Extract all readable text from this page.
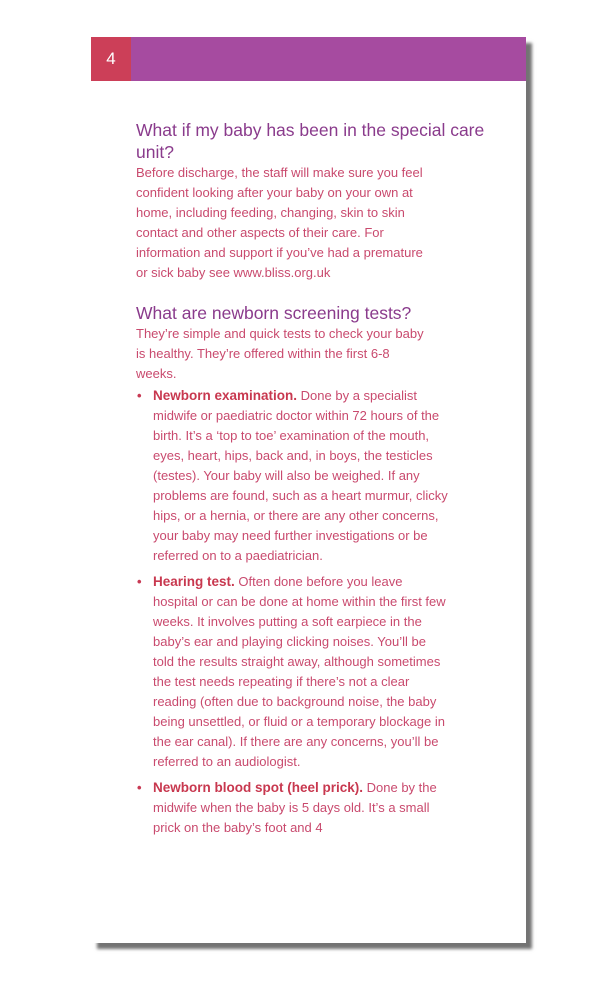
4
What if my baby has been in the special care unit?

Before discharge, the staff will make sure you feel confident looking after your baby on your own at home, including feeding, changing, skin to skin contact and other aspects of their care. For information and support if you’ve had a premature or sick baby see www.bliss.org.uk

What are newborn screening tests?

They’re simple and quick tests to check your baby is healthy. They’re offered within the first 6-8 weeks.

• Newborn examination. Done by a specialist midwife or paediatric doctor within 72 hours of the birth. It’s a ‘top to toe’ examination of the mouth, eyes, heart, hips, back and, in boys, the testicles (testes). Your baby will also be weighed. If any problems are found, such as a heart murmur, clicky hips, or a hernia, or there are any other concerns, your baby may need further investigations or be referred on to a paediatrician.
• Hearing test. Often done before you leave hospital or can be done at home within the first few weeks. It involves putting a soft earpiece in the baby’s ear and playing clicking noises. You’ll be told the results straight away, although sometimes the test needs repeating if there’s not a clear reading (often due to background noise, the baby being unsettled, or fluid or a temporary blockage in the ear canal). If there are any concerns, you’ll be referred to an audiologist.
• Newborn blood spot (heel prick). Done by the midwife when the baby is 5 days old. It’s a small prick on the baby’s foot and 4
